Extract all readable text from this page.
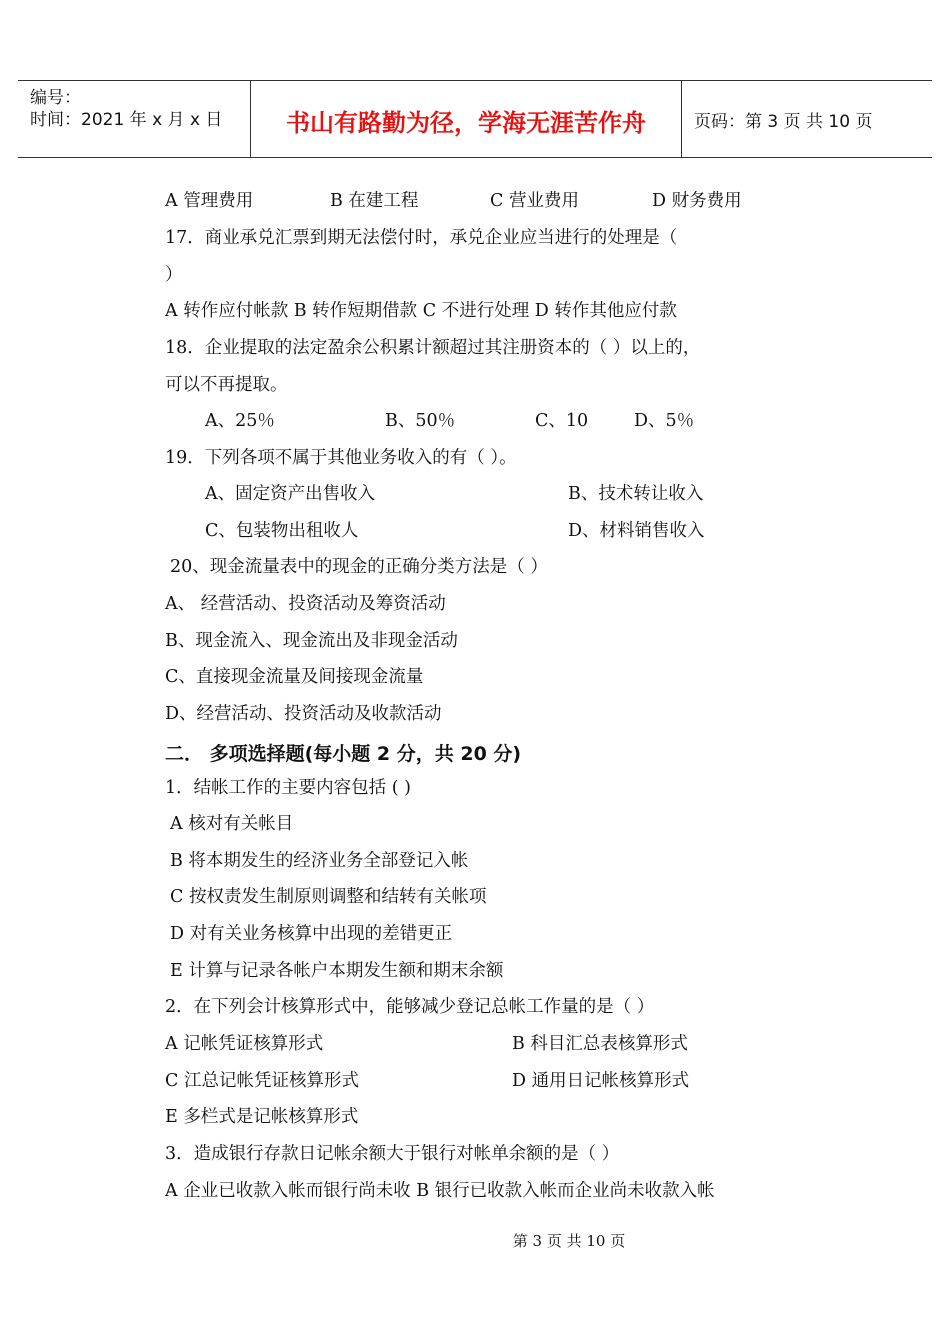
编号：
时间：2021 年 x 月 x 日	书山有路勤为径，学海无涯苦作舟	页码：第 3 页 共 10 页
A 管理费用	B 在建工程	C 营业费用	D 财务费用
17．商业承兑汇票到期无法偿付时，承兑企业应当进行的处理是（
）
A 转作应付帐款 B 转作短期借款 C 不进行处理 D 转作其他应付款
18．企业提取的法定盈余公积累计额超过其注册资本的（ ）以上的，
可以不再提取。
A、25％	B、50％	C、10	D、5％
19．下列各项不属于其他业务收入的有（ ）。
A、固定资产出售收入	B、技术转让收入
C、包装物出租收人	D、材料销售收入
20、现金流量表中的现金的正确分类方法是（ ）
A、 经营活动、投资活动及筹资活动
B、现金流入、现金流出及非现金活动
C、直接现金流量及间接现金流量
D、经营活动、投资活动及收款活动
二． 多项选择题(每小题 2 分，共 20 分)
1．结帐工作的主要内容包括 ( )
A 核对有关帐目
B 将本期发生的经济业务全部登记入帐
C 按权责发生制原则调整和结转有关帐项
D 对有关业务核算中出现的差错更正
E 计算与记录各帐户本期发生额和期末余额
2．在下列会计核算形式中，能够减少登记总帐工作量的是（ ）
A 记帐凭证核算形式	B 科目汇总表核算形式
C 江总记帐凭证核算形式	D 通用日记帐核算形式
E 多栏式是记帐核算形式
3．造成银行存款日记帐余额大于银行对帐单余额的是（ ）
A 企业已收款入帐而银行尚未收 B 银行已收款入帐而企业尚未收款入帐
第 3 页 共 10 页
